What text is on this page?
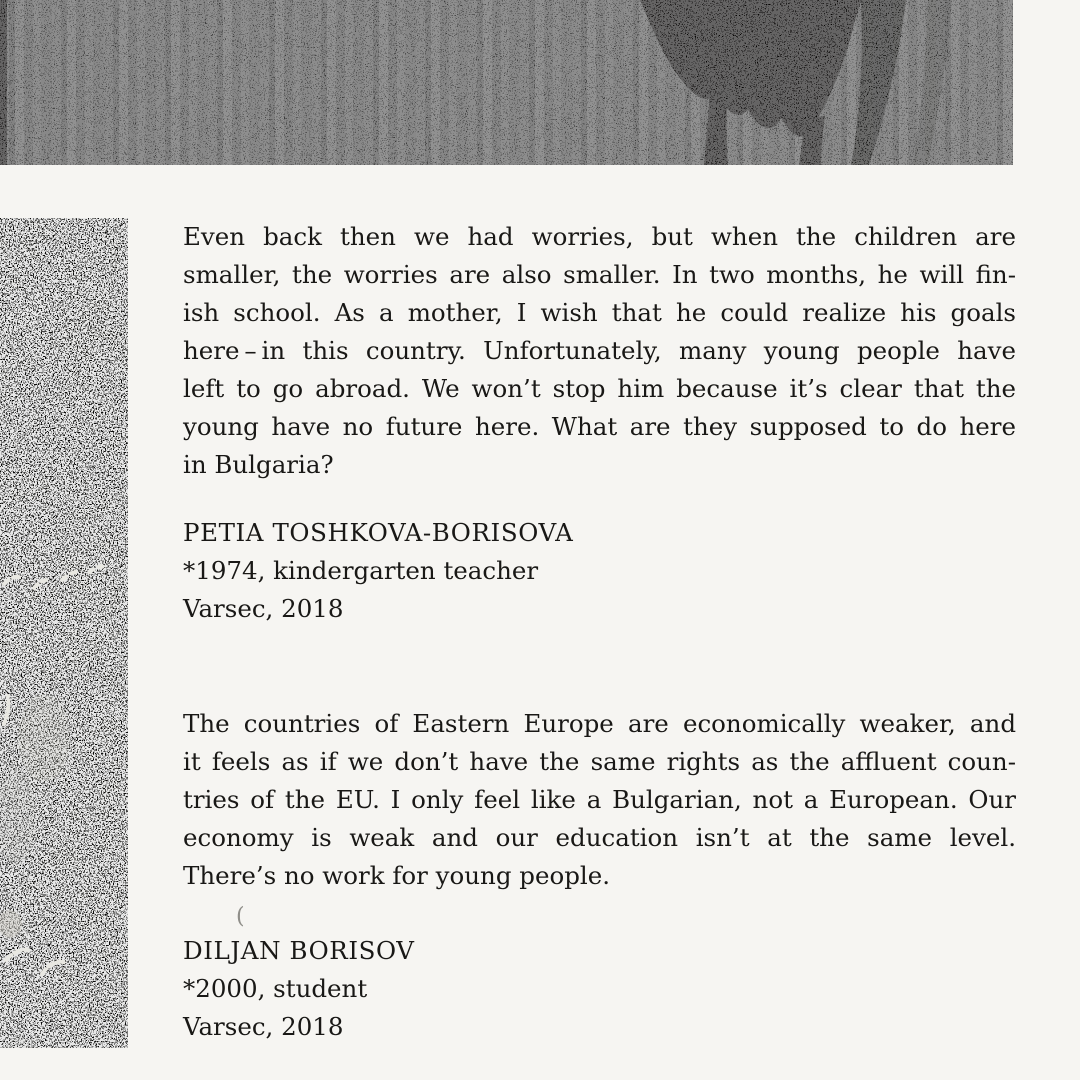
(
Even back then we had worries, but when the children are
smaller, the worries are also smaller. In two months, he will fin-
ish school. As a mother, I wish that he could realize his goals
here – in this country. Unfortunately, many young people have
left to go abroad. We won’t stop him because it’s clear that the
young have no future here. What are they supposed to do here
in Bulgaria?
PETIA TOSHKOVA-BORISOVA
*1974, kindergarten teacher
Varsec, 2018
The countries of Eastern Europe are economically weaker, and
it feels as if we don’t have the same rights as the affluent coun-
tries of the EU. I only feel like a Bulgarian, not a European. Our
economy is weak and our education isn’t at the same level.
There’s no work for young people.
DILJAN BORISOV
*2000, student
Varsec, 2018
